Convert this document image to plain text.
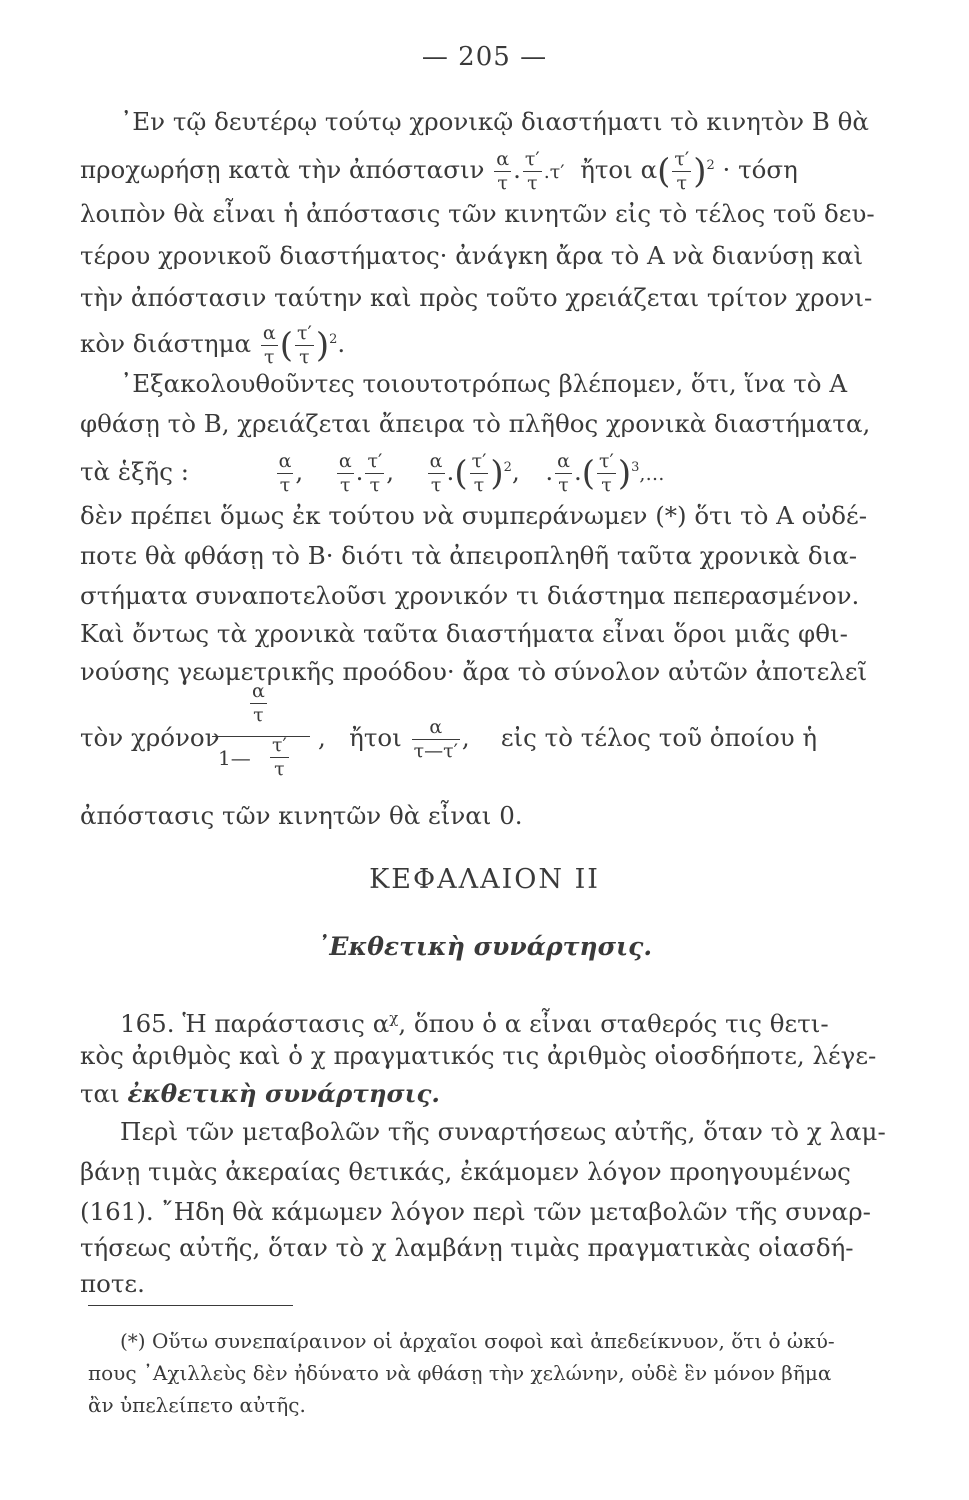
— 205 —
᾿Εν τῷ δευτέρῳ τούτῳ χρονικῷ διαστήματι τὸ κινητὸν Β θὰ
προχωρήσῃ κατὰ τὴν ἀπόστασιν $\frac{\alpha}{\tau}$ . $\frac{\tau'}{\tau} .\tau'$ ἤτοι $\alpha( \frac{\tau'}{\tau} )^2 \cdot \tau ό\sigma\eta$
λοιπὸν θὰ εἶναι ἡ ἀπόστασις τῶν κινητῶν εἰς τὸ τέλος τοῦ δευ-
τέρου χρονικοῦ διαστήματος· ἀνάγκη ἄρα τὸ Α νὰ διανύσῃ καὶ
τὴν ἀπόστασιν ταύτην καὶ πρὸς τοῦτο χρειάζεται τρίτον χρονι-
κὸν διάστημα $\frac{\alpha}{\tau}$ ( $\frac{\tau'}{\tau} )^2$.
᾿Εξακολουθοῦντες τοιουτοτρόπως βλέπομεν, ὅτι, ἵνα τὸ Α
φθάσῃ τὸ Β, χρειάζεται ἄπειρα τὸ πλῆθος χρονικὰ διαστήματα,
τὰ ἑξῆς :	$\frac{\alpha}{\tau}$ , $\frac{\alpha}{\tau}$ . $\frac{\tau'}{\tau}$ , $\frac{\alpha}{\tau}$ .( $\frac{\tau'}{\tau} )^2$, . $\frac{\alpha}{\tau}$ .( $\frac{\tau'}{\tau}$ )$^3$,…
δὲν πρέπει ὅμως ἐκ τούτου νὰ συμπεράνωμεν (*) ὅτι τὸ Α οὐδέ-
ποτε θὰ φθάσῃ τὸ Β· διότι τὰ ἀπειροπληθῆ ταῦτα χρονικὰ δια-
στήματα συναποτελοῦσι χρονικόν τι διάστημα πεπερασμένον.
Καὶ ὄντως τὰ χρονικὰ ταῦτα διαστήματα εἶναι ὅροι μιᾶς φθι-
νούσης γεωμετρικῆς προόδου· ἄρα τὸ σύνολον αὐτῶν ἀποτελεῖ
τὸν χρόνον
$\frac{\alpha}{\tau}$
1— $\frac{\tau'}{\tau}$ , ἤτοι $\frac{\alpha}{\tau—\tau'}$ , εἰς τὸ τέλος τοῦ ὁποίου ἡ
ἀπόστασις τῶν κινητῶν θὰ εἶναι 0.
ΚΕΦΑΛΑΙΟΝ ΙΙ
᾿Εκθετικὴ συνάρτησις.
165. Ἡ παράστασις $\alpha^\chi$, ὅπου ὁ α εἶναι σταθερός τις θετι-
κὸς ἀριθμὸς καὶ ὁ χ πραγματικός τις ἀριθμὸς οἱοσδήποτε, λέγε-
ται ἐκθετικὴ συνάρτησις.
Περὶ τῶν μεταβολῶν τῆς συναρτήσεως αὐτῆς, ὅταν τὸ χ λαμ-
βάνῃ τιμὰς ἀκεραίας θετικάς, ἐκάμομεν λόγον προηγουμένως
(161). ῎Ηδη θὰ κάμωμεν λόγον περὶ τῶν μεταβολῶν τῆς συναρ-
τήσεως αὐτῆς, ὅταν τὸ χ λαμβάνῃ τιμὰς πραγματικὰς οἱασδή-
ποτε.
(*) Οὕτω συνεπαίραινον οἱ ἀρχαῖοι σοφοὶ καὶ ἀπεδείκνυον, ὅτι ὁ ὠκύ-
πους ᾿Αχιλλεὺς δὲν ἠδύνατο νὰ φθάσῃ τὴν χελώνην, οὐδὲ ἓν μόνον βῆμα
ἂν ὑπελείπετο αὐτῆς.
